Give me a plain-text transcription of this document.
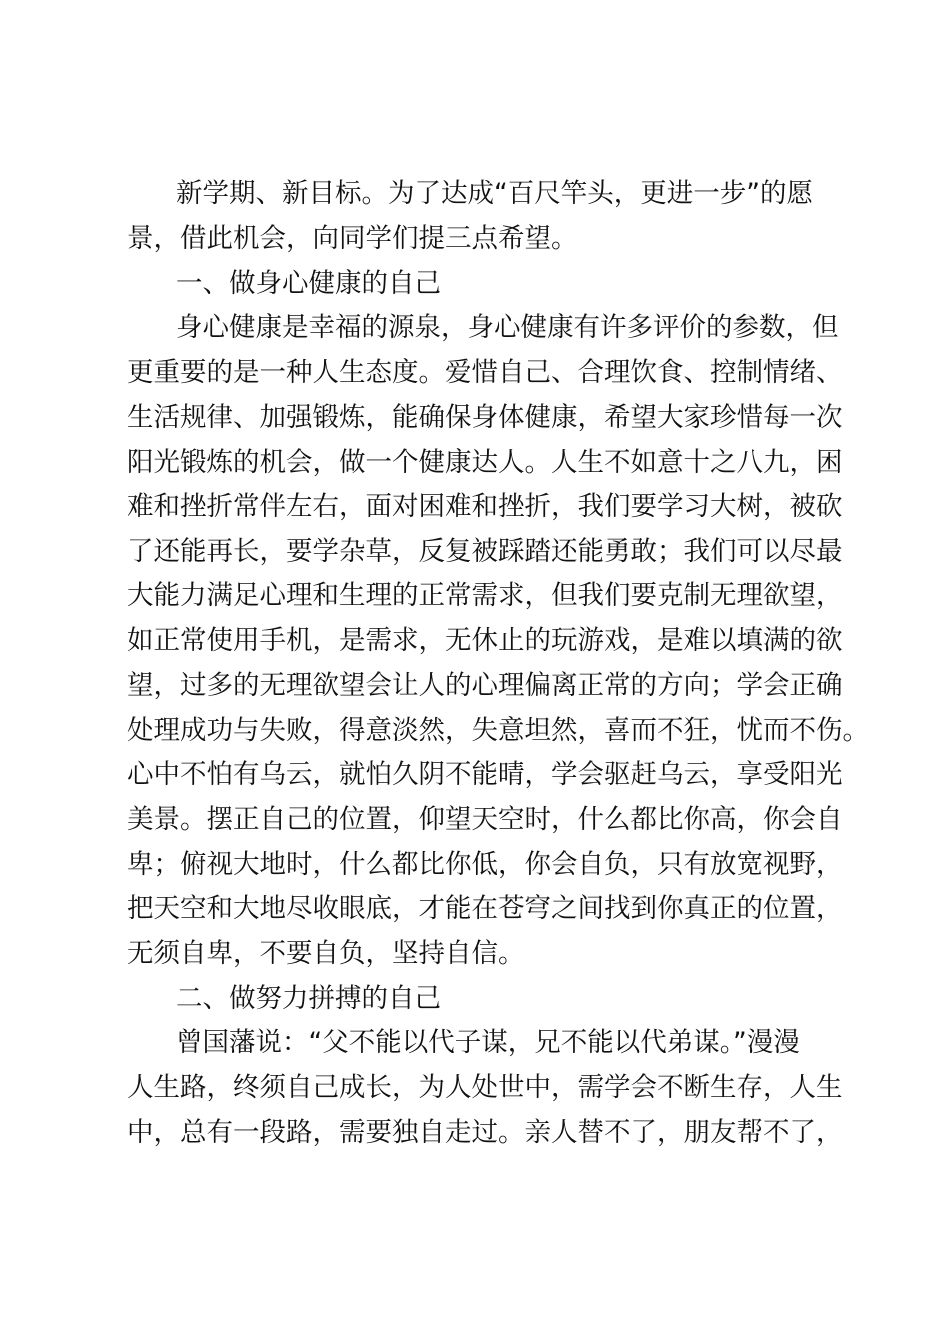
新学期、新目标。为了达成“百尺竿头，更进一步”的愿
景，借此机会，向同学们提三点希望。
一、做身心健康的自己
身心健康是幸福的源泉，身心健康有许多评价的参数，但
更重要的是一种人生态度。爱惜自己、合理饮食、控制情绪、
生活规律、加强锻炼，能确保身体健康，希望大家珍惜每一次
阳光锻炼的机会，做一个健康达人。人生不如意十之八九，困
难和挫折常伴左右，面对困难和挫折，我们要学习大树，被砍
了还能再长，要学杂草，反复被踩踏还能勇敢；我们可以尽最
大能力满足心理和生理的正常需求，但我们要克制无理欲望，
如正常使用手机，是需求，无休止的玩游戏，是难以填满的欲
望，过多的无理欲望会让人的心理偏离正常的方向；学会正确
处理成功与失败，得意淡然，失意坦然，喜而不狂，忧而不伤。
心中不怕有乌云，就怕久阴不能晴，学会驱赶乌云，享受阳光
美景。摆正自己的位置，仰望天空时，什么都比你高，你会自
卑；俯视大地时，什么都比你低，你会自负，只有放宽视野，
把天空和大地尽收眼底，才能在苍穹之间找到你真正的位置，
无须自卑，不要自负，坚持自信。
二、做努力拼搏的自己
曾国藩说：“父不能以代子谋，兄不能以代弟谋。”漫漫
人生路，终须自己成长，为人处世中，需学会不断生存，人生
中，总有一段路，需要独自走过。亲人替不了，朋友帮不了，
